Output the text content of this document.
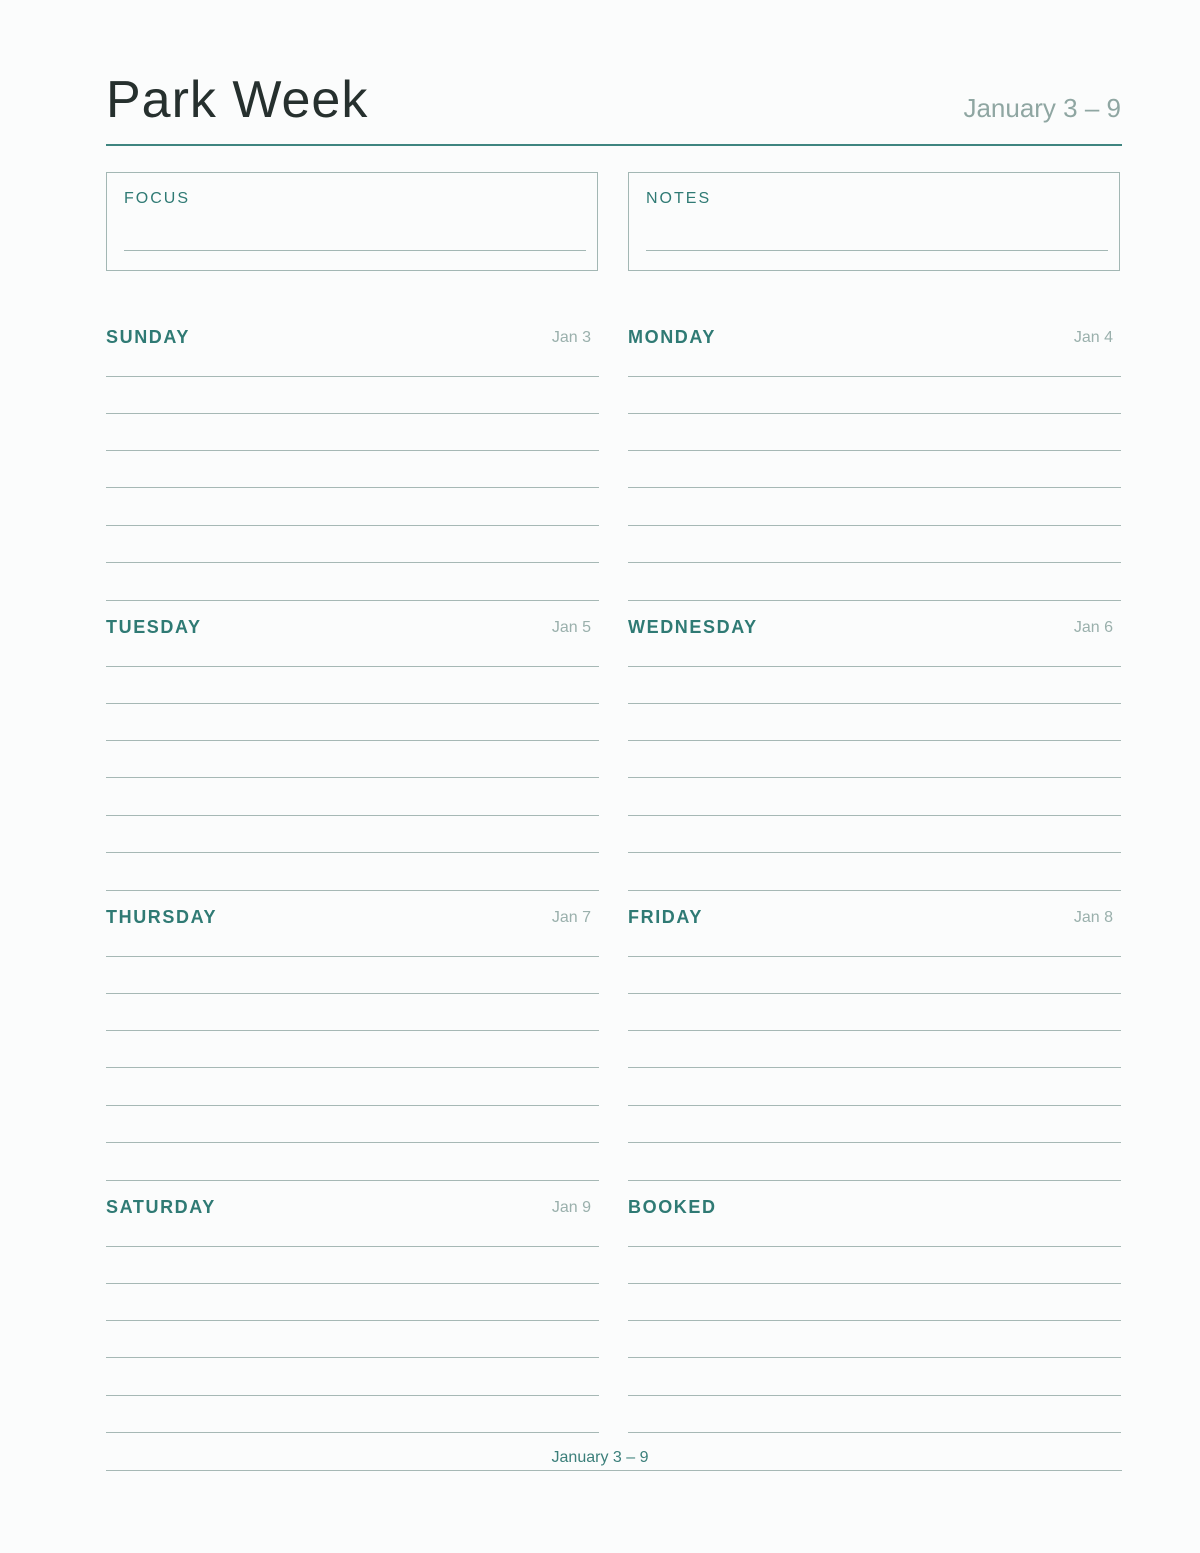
Park Week	January 3 – 9
FOCUS	NOTES
SUNDAY	Jan 3 MONDAY	Jan 4
TUESDAY	Jan 5 WEDNESDAY	Jan 6
THURSDAY	Jan 7 FRIDAY	Jan 8
SATURDAY	Jan 9 BOOKED
January 3 – 9
